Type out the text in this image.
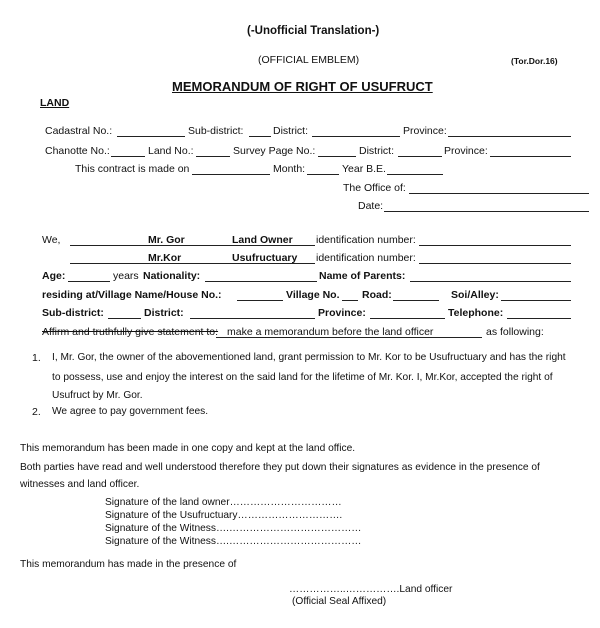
(-Unofficial Translation-)
(OFFICIAL EMBLEM)	(Tor.Dor.16)
MEMORANDUM OF RIGHT OF USUFRUCT
LAND
Cadastral No.:	Sub-district:	District:	Province:
Chanotte No.:	Land No.:	Survey Page No.:	District:	Province:
This contract is made on	Month:	Year B.E.
The Office of:
Date:
We,	Mr. Gor	Land Owner identification number:
Mr.Kor	Usufructuary identification number:
Age:	years Nationality:	Name of Parents:
residing at/Village Name/House No.:	Village No. Road:	Soi/Alley:
Sub-district:	District:	Province:	Telephone:
Affirm and truthfully give statement to: make a memorandum before the land officer	as following:
1. I, Mr. Gor, the owner of the abovementioned land, grant permission to Mr. Kor to be Usufructuary and has the right
to possess, use and enjoy the interest on the said land for the lifetime of Mr. Kor. I, Mr.Kor, accepted the right of
Usufruct by Mr. Gor.
2. We agree to pay government fees.
This memorandum has been made in one copy and kept at the land office.
Both parties have read and well understood therefore they put down their signatures as evidence in the presence of
witnesses and land officer.
Signature of the land owner……………………………
Signature of the Usufructuary………………………….
Signature of the Witness….…………………………………
Signature of the Witness….…………………………………
This memorandum has made in the presence of
……………..…………….Land officer
(Official Seal Affixed)
